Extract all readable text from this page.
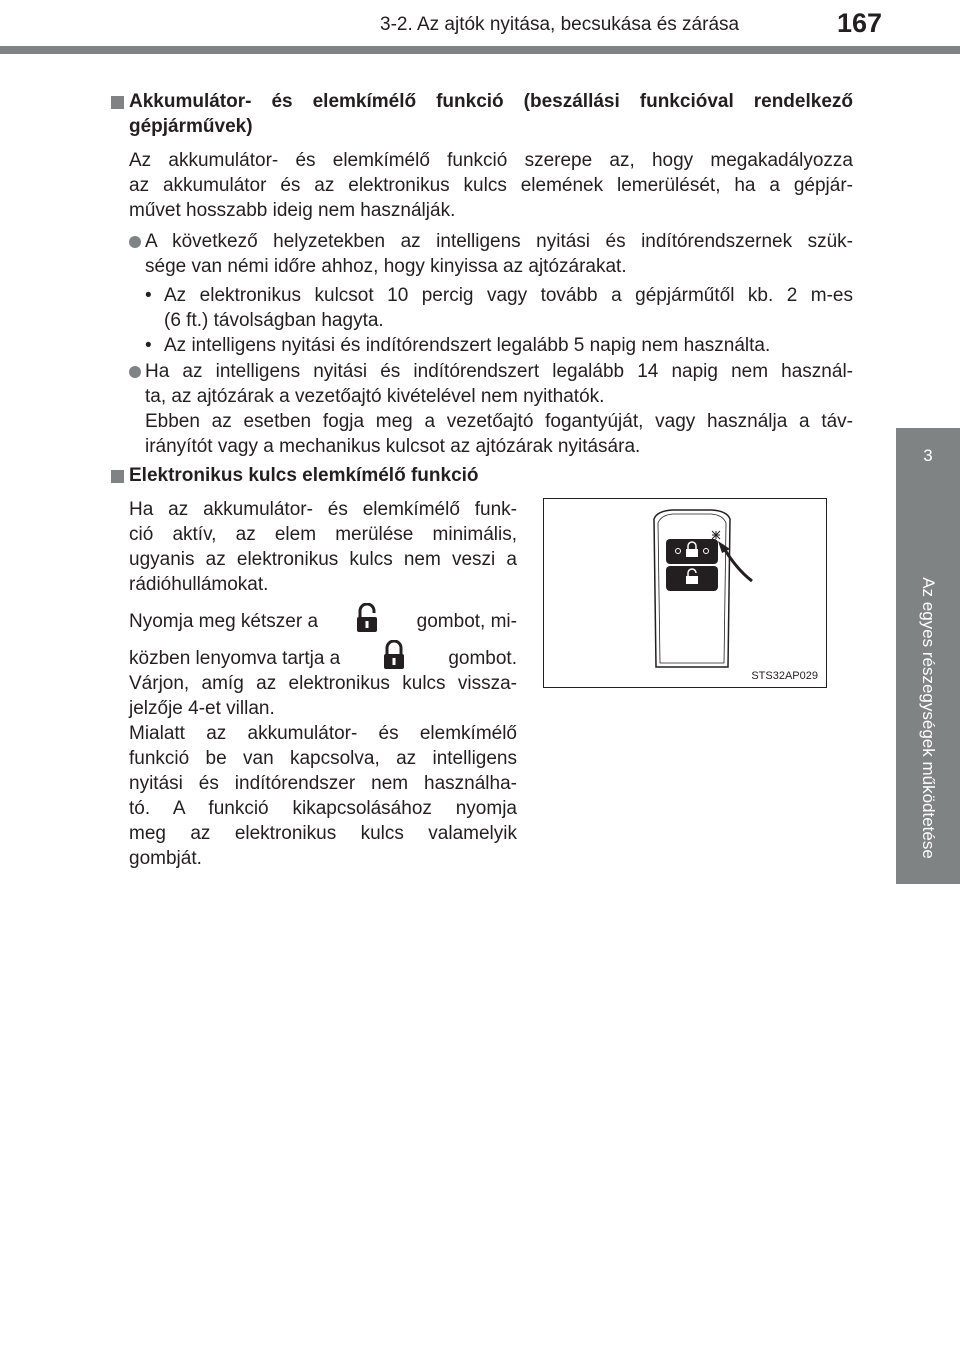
3-2. Az ajtók nyitása, becsukása és zárása	167
3
Az egyes részegységek működtetése
Akkumulátor- és elemkímélő funkció (beszállási funkcióval rendelkező
gépjárművek)
Az akkumulátor- és elemkímélő funkció szerepe az, hogy megakadályozza
az akkumulátor és az elektronikus kulcs elemének lemerülését, ha a gépjár-
művet hosszabb ideig nem használják.
A következő helyzetekben az intelligens nyitási és indítórendszernek szük-
sége van némi időre ahhoz, hogy kinyissa az ajtózárakat.
• Az elektronikus kulcsot 10 percig vagy tovább a gépjárműtől kb. 2 m-es
(6 ft.) távolságban hagyta.
• Az intelligens nyitási és indítórendszert legalább 5 napig nem használta.
Ha az intelligens nyitási és indítórendszert legalább 14 napig nem használ-
ta, az ajtózárak a vezetőajtó kivételével nem nyithatók.
Ebben az esetben fogja meg a vezetőajtó fogantyúját, vagy használja a táv-
irányítót vagy a mechanikus kulcsot az ajtózárak nyitására.
Elektronikus kulcs elemkímélő funkció
Ha az akkumulátor- és elemkímélő funk-
ció aktív, az elem merülése minimális,
ugyanis az elektronikus kulcs nem veszi a
rádióhullámokat.
Nyomja meg kétszer a	gombot, mi-
közben lenyomva tartja a	gombot.
Várjon, amíg az elektronikus kulcs vissza-
jelzője 4-et villan.
Mialatt az akkumulátor- és elemkímélő
funkció be van kapcsolva, az intelligens
nyitási és indítórendszer nem használha-
tó. A funkció kikapcsolásához nyomja
meg az elektronikus kulcs valamelyik
gombját.
STS32AP029
